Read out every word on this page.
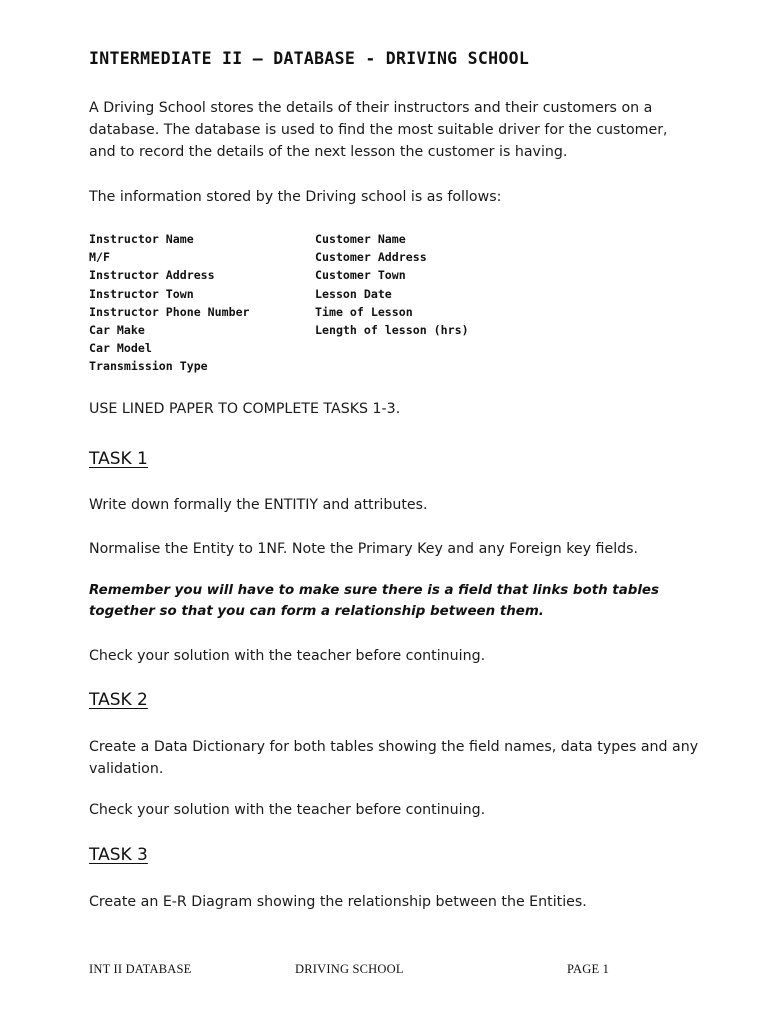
INTERMEDIATE II – DATABASE - DRIVING SCHOOL
A Driving School stores the details of their instructors and their customers on a database. The database is used to find the most suitable driver for the customer, and to record the details of the next lesson the customer is having.
The information stored by the Driving school is as follows:
Instructor Name
M/F
Instructor Address
Instructor Town
Instructor Phone Number
Car Make
Car Model
Transmission Type
Customer Name
Customer Address
Customer Town
Lesson Date
Time of Lesson
Length of lesson (hrs)
USE LINED PAPER TO COMPLETE TASKS 1-3.
TASK 1
Write down formally the ENTITIY and attributes.
Normalise the Entity to 1NF. Note the Primary Key and any Foreign key fields.
Remember you will have to make sure there is a field that links both tables together so that you can form a relationship between them.
Check your solution with the teacher before continuing.
TASK 2
Create a Data Dictionary for both tables showing the field names, data types and any validation.
Check your solution with the teacher before continuing.
TASK 3
Create an E-R Diagram showing the relationship between the Entities.
INT II DATABASE	DRIVING SCHOOL	PAGE 1
